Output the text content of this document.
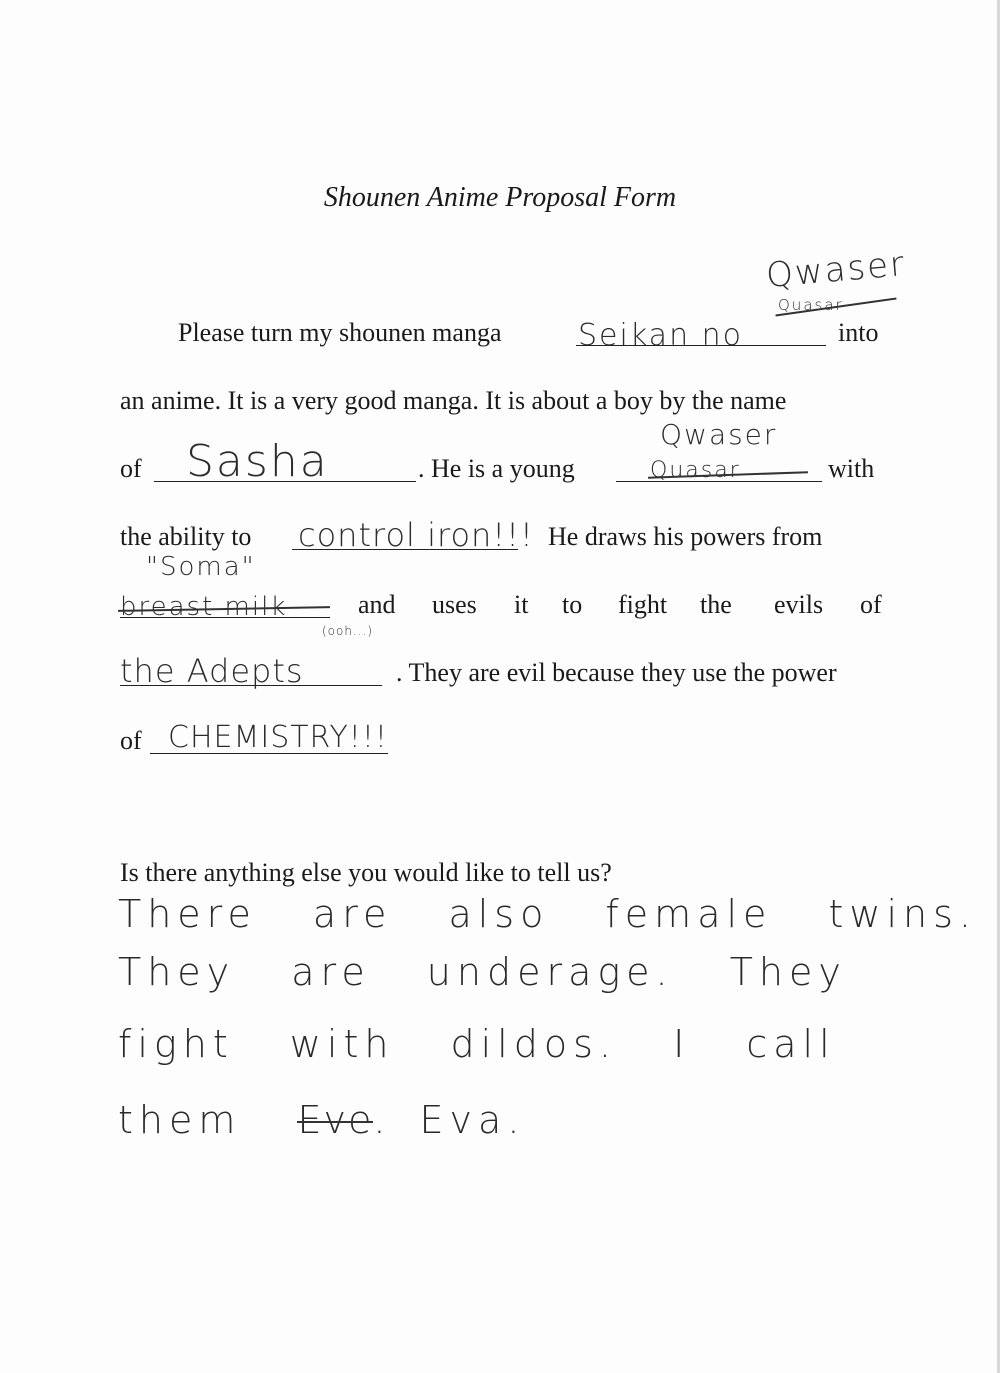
Shounen Anime Proposal Form
Please turn my shounen manga	into
Seikan no
Quasar
Qwaser
an anime. It is a very good manga. It is about a boy by the name
of	. He is a young	with
Sasha	Quasar
Qwaser
the ability to	He draws his powers from
control iron!!!
and uses it to fight the evils of
breast milk
"Soma"
(ooh...)
. They are evil because they use the power
the Adepts
of CHEMISTRY!!!
Is there anything else you would like to tell us?
There are also female twins.
They are underage. They
fight with dildos. I call
them Eve
. Eva.
